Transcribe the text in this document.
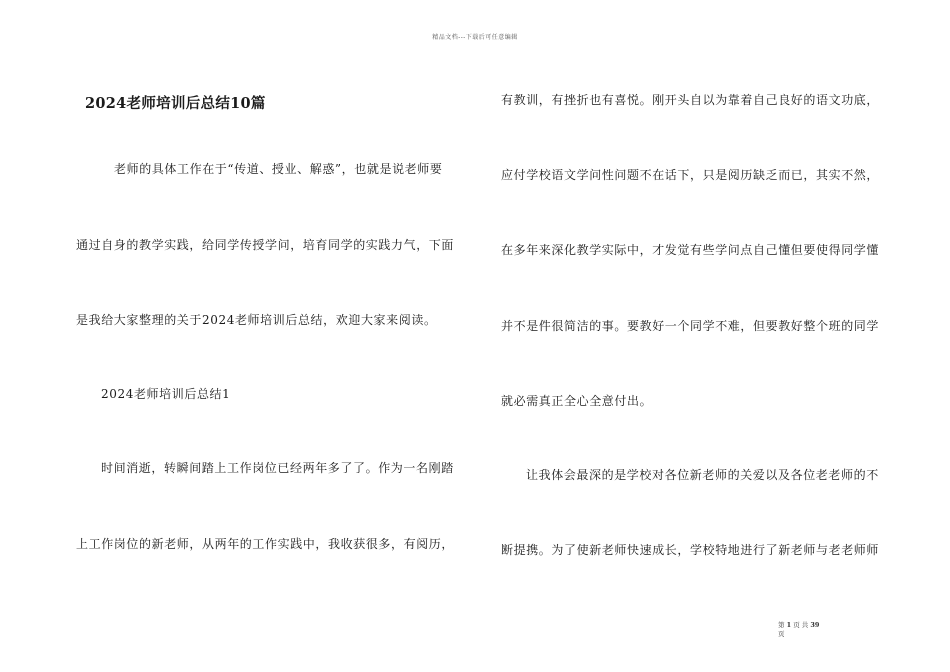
精品文档---下载后可任意编辑
2024老师培训后总结10篇
老师的具体工作在于“传道、授业、解惑”，也就是说老师要
通过自身的教学实践，给同学传授学问，培育同学的实践力气，下面
是我给大家整理的关于2024老师培训后总结，欢迎大家来阅读。
2024老师培训后总结1
时间消逝，转瞬间踏上工作岗位已经两年多了了。作为一名刚踏
上工作岗位的新老师，从两年的工作实践中，我收获很多，有阅历，
有教训，有挫折也有喜悦。刚开头自以为靠着自己良好的语文功底，
应付学校语文学问性问题不在话下，只是阅历缺乏而已，其实不然，
在多年来深化教学实际中，才发觉有些学问点自己懂但要使得同学懂
并不是件很简洁的事。要教好一个同学不难，但要教好整个班的同学
就必需真正全心全意付出。
让我体会最深的是学校对各位新老师的关爱以及各位老老师的不
断提携。为了使新老师快速成长，学校特地进行了新老师与老老师师
第 1 页 共 39
页
